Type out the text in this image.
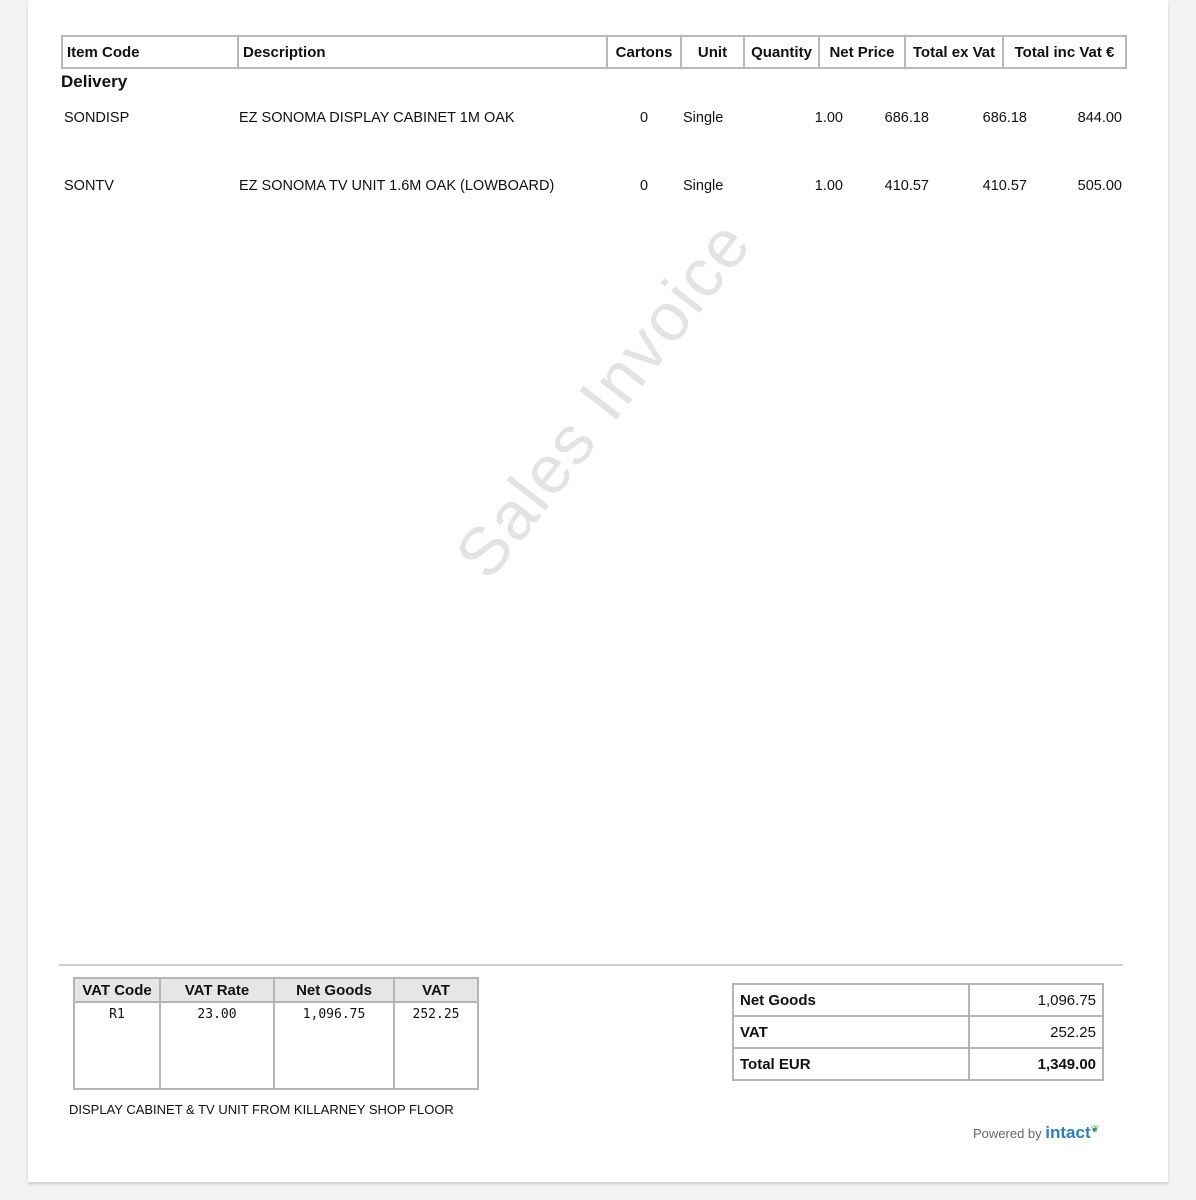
Item Code	Description	Cartons	Unit	Quantity	Net Price	Total ex Vat	Total inc Vat €
Delivery
SONDISP	EZ SONOMA DISPLAY CABINET 1M OAK	0 Single	1.00	686.18	686.18	844.00
SONTV	EZ SONOMA TV UNIT 1.6M OAK (LOWBOARD)	0 Single	1.00	410.57	410.57	505.00
Sales Invoice
VAT Code	VAT Rate	Net Goods	VAT
R1	23.00	1,096.75	252.25
Net Goods	1,096.75
VAT	252.25
Total EUR	1,349.00
DISPLAY CABINET & TV UNIT FROM KILLARNEY SHOP FLOOR
Powered by intact❦
